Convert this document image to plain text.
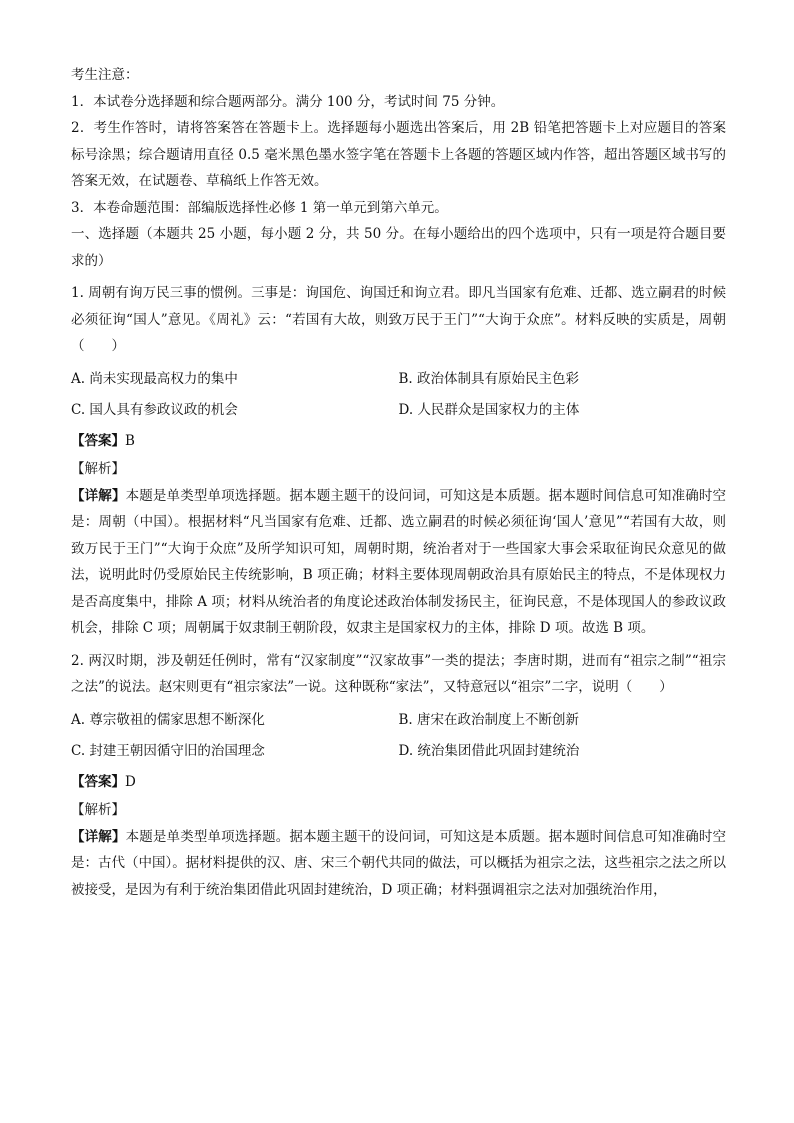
考生注意：

1．本试卷分选择题和综合题两部分。满分 100 分，考试时间 75 分钟。

2．考生作答时，请将答案答在答题卡上。选择题每小题选出答案后，用 2B 铅笔把答题卡上对应题目的答案标号涂黑；综合题请用直径 0.5 毫米黑色墨水签字笔在答题卡上各题的答题区域内作答，超出答题区域书写的答案无效，在试题卷、草稿纸上作答无效。

3．本卷命题范围：部编版选择性必修 1 第一单元到第六单元。

一、选择题（本题共 25 小题，每小题 2 分，共 50 分。在每小题给出的四个选项中，只有一项是符合题目要求的）

1. 周朝有询万民三事的惯例。三事是：询国危、询国迁和询立君。即凡当国家有危难、迁都、选立嗣君的时候必须征询“国人”意见。《周礼》云：“若国有大故，则致万民于王门”“大询于众庶”。材料反映的实质是，周朝（　　）

A. 尚未实现最高权力的集中	B. 政治体制具有原始民主色彩
C. 国人具有参政议政的机会	D. 人民群众是国家权力的主体

【答案】B

【解析】

【详解】本题是单类型单项选择题。据本题主题干的设问词，可知这是本质题。据本题时间信息可知准确时空是：周朝（中国）。根据材料“凡当国家有危难、迁都、选立嗣君的时候必须征询‘国人’意见”“若国有大故，则致万民于王门”“大询于众庶”及所学知识可知，周朝时期，统治者对于一些国家大事会采取征询民众意见的做法，说明此时仍受原始民主传统影响，B 项正确；材料主要体现周朝政治具有原始民主的特点，不是体现权力是否高度集中，排除 A 项；材料从统治者的角度论述政治体制发扬民主，征询民意，不是体现国人的参政议政机会，排除 C 项；周朝属于奴隶制王朝阶段，奴隶主是国家权力的主体，排除 D 项。故选 B 项。

2. 两汉时期，涉及朝廷任例时，常有“汉家制度”“汉家故事”一类的提法；李唐时期，进而有“祖宗之制”“祖宗之法”的说法。赵宋则更有“祖宗家法”一说。这种既称“家法”，又特意冠以“祖宗”二字，说明（　　）

A. 尊宗敬祖的儒家思想不断深化	B. 唐宋在政治制度上不断创新
C. 封建王朝因循守旧的治国理念	D. 统治集团借此巩固封建统治

【答案】D

【解析】

【详解】本题是单类型单项选择题。据本题主题干的设问词，可知这是本质题。据本题时间信息可知准确时空是：古代（中国）。据材料提供的汉、唐、宋三个朝代共同的做法，可以概括为祖宗之法，这些祖宗之法之所以被接受，是因为有利于统治集团借此巩固封建统治，D 项正确；材料强调祖宗之法对加强统治作用，
